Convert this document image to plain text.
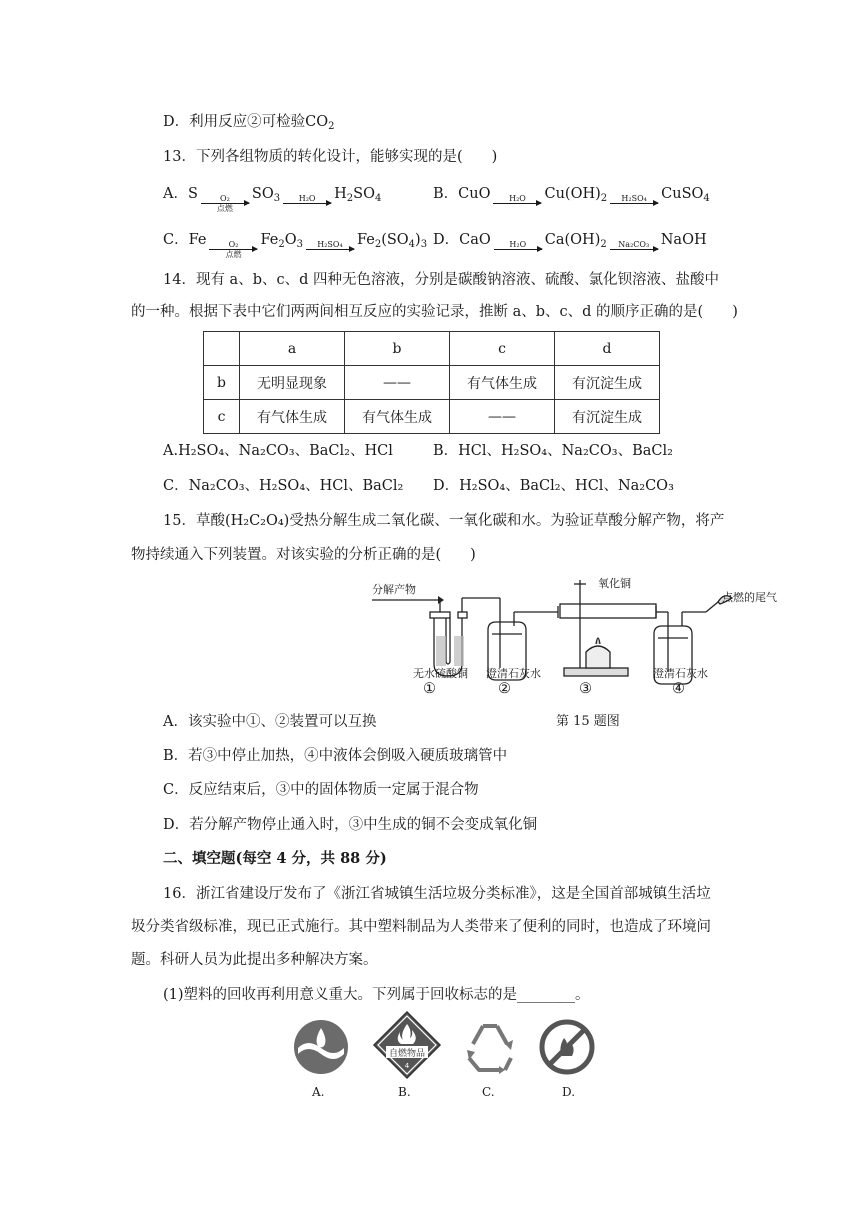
D．利用反应②可检验$CO_2$
13．下列各组物质的转化设计，能够实现的是(　　)
A．S	O₂
点燃
$SO_3$ H₂O $H_2SO_4$	B．CuO H₂O $Cu(OH)_2$ H₂SO₄ CuSO$_4$
C．Fe	O₂
点燃
$Fe_2O_3$ H₂SO₄ $Fe_2(SO_4)_3$ D．CaO H₂O $Ca(OH)_2$ Na₂CO₃ NaOH
14．现有 a、b、c、d 四种无色溶液，分别是碳酸钠溶液、硫酸、氯化钡溶液、盐酸中
的一种。根据下表中它们两两间相互反应的实验记录，推断 a、b、c、d 的顺序正确的是(　　)
	a	b	c	d
b	无明显现象	——	有气体生成	有沉淀生成
c	有气体生成	有气体生成	——	有沉淀生成
A.H₂SO₄、Na₂CO₃、BaCl₂、HCl	B．HCl、H₂SO₄、Na₂CO₃、BaCl₂
C．Na₂CO₃、H₂SO₄、HCl、BaCl₂ D．H₂SO₄、BaCl₂、HCl、Na₂CO₃
15．草酸(H₂C₂O₄)受热分解生成二氧化碳、一氧化碳和水。为验证草酸分解产物，将产
物持续通入下列装置。对该实验的分析正确的是(　　)
分解产物	氧化铜
点燃的尾气
无水硫酸铜 澄清石灰水	澄清石灰水
①	②	③	④
A．该实验中①、②装置可以互换	第 15 题图
B．若③中停止加热，④中液体会倒吸入硬质玻璃管中
C．反应结束后，③中的固体物质一定属于混合物
D．若分解产物停止通入时，③中生成的铜不会变成氧化铜
二、填空题(每空 4 分，共 88 分)
16．浙江省建设厅发布了《浙江省城镇生活垃圾分类标准》，这是全国首部城镇生活垃
圾分类省级标准，现已正式施行。其中塑料制品为人类带来了便利的同时，也造成了环境问
题。科研人员为此提出多种解决方案。
(1)塑料的回收再利用意义重大。下列属于回收标志的是________。
自燃物品
4
A.	B.	C.	D.
